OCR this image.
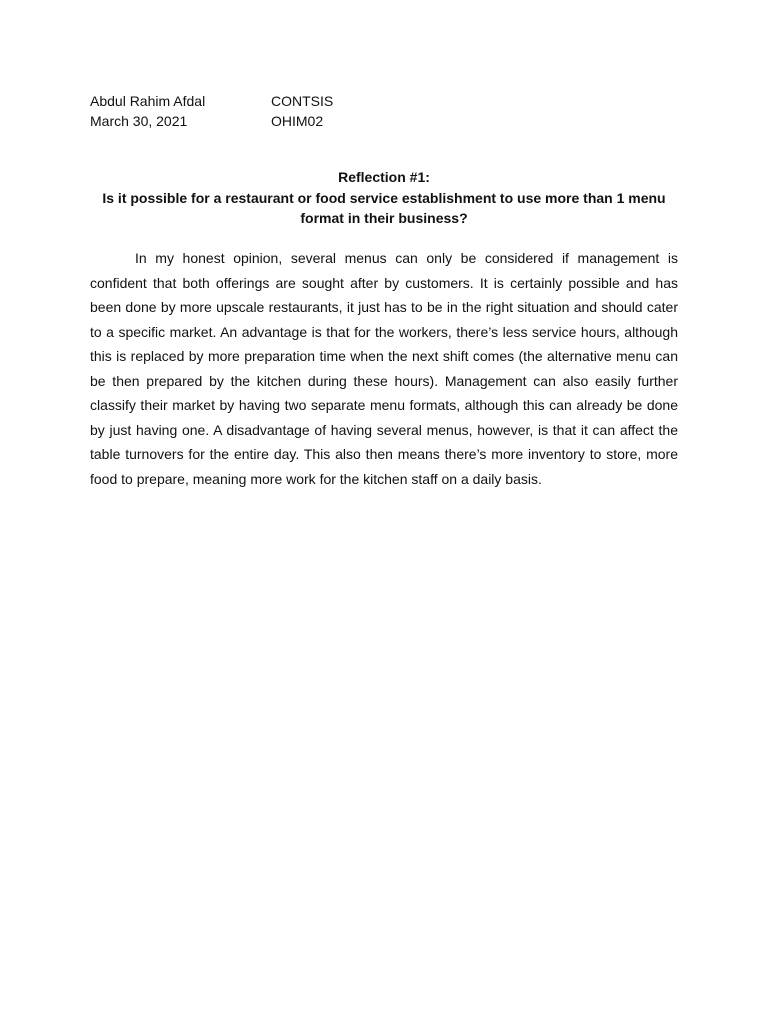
Abdul Rahim Afdal	CONTSIS
March 30, 2021	OHIM02
Reflection #1:
Is it possible for a restaurant or food service establishment to use more than 1 menu format in their business?
In my honest opinion, several menus can only be considered if management is confident that both offerings are sought after by customers. It is certainly possible and has been done by more upscale restaurants, it just has to be in the right situation and should cater to a specific market. An advantage is that for the workers, there’s less service hours, although this is replaced by more preparation time when the next shift comes (the alternative menu can be then prepared by the kitchen during these hours). Management can also easily further classify their market by having two separate menu formats, although this can already be done by just having one. A disadvantage of having several menus, however, is that it can affect the table turnovers for the entire day. This also then means there’s more inventory to store, more food to prepare, meaning more work for the kitchen staff on a daily basis.
